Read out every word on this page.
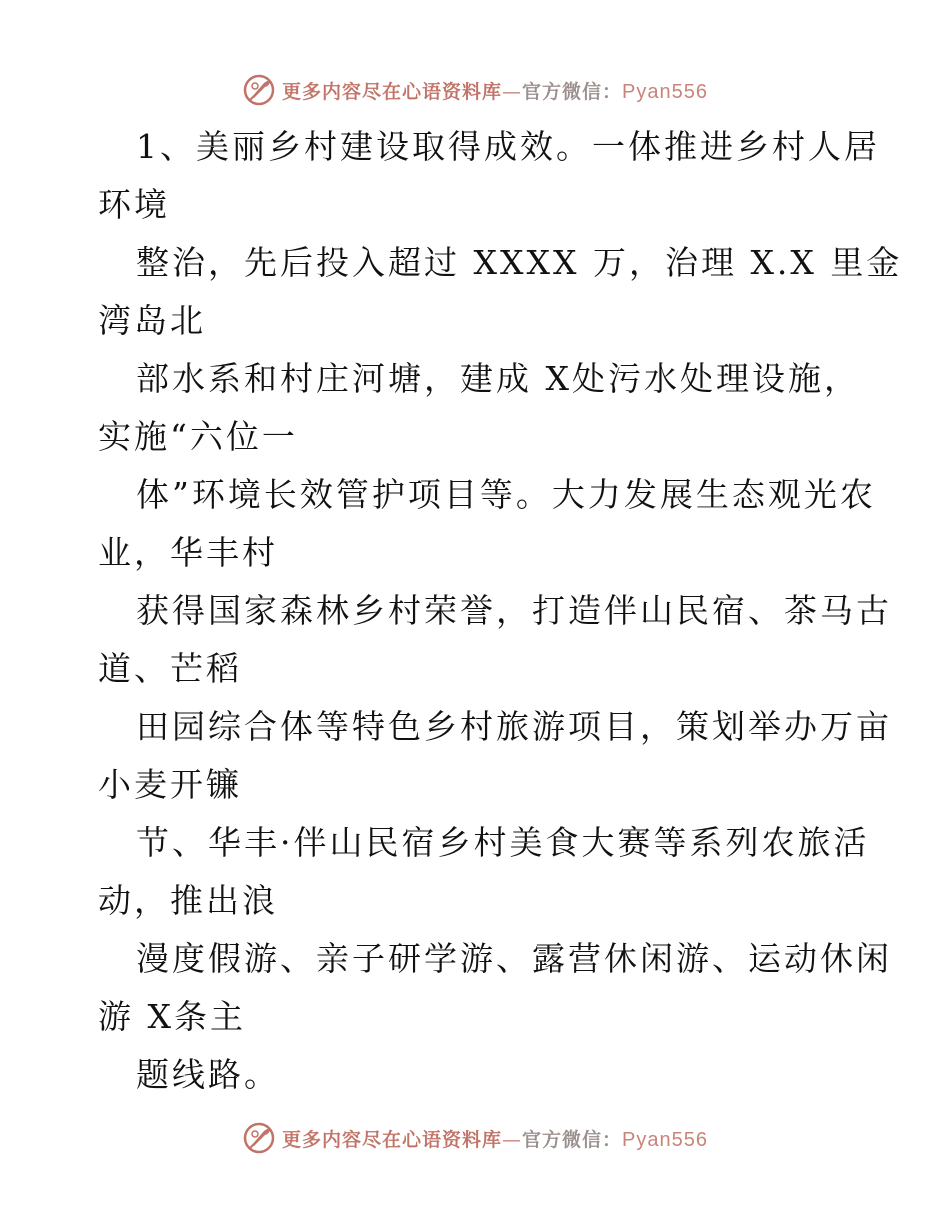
更多内容尽在心语资料库—官方微信：Pyan556
1、美丽乡村建设取得成效。一体推进乡村人居
环境
整治，先后投入超过 XXXX 万，治理 X.X 里金
湾岛北
部水系和村庄河塘，建成 X处污水处理设施，
实施“六位一
体”环境长效管护项目等。大力发展生态观光农
业，华丰村
获得国家森林乡村荣誉，打造伴山民宿、茶马古
道、芒稻
田园综合体等特色乡村旅游项目，策划举办万亩
小麦开镰
节、华丰·伴山民宿乡村美食大赛等系列农旅活
动，推出浪
漫度假游、亲子研学游、露营休闲游、运动休闲
游 X条主
题线路。
更多内容尽在心语资料库—官方微信：Pyan556
